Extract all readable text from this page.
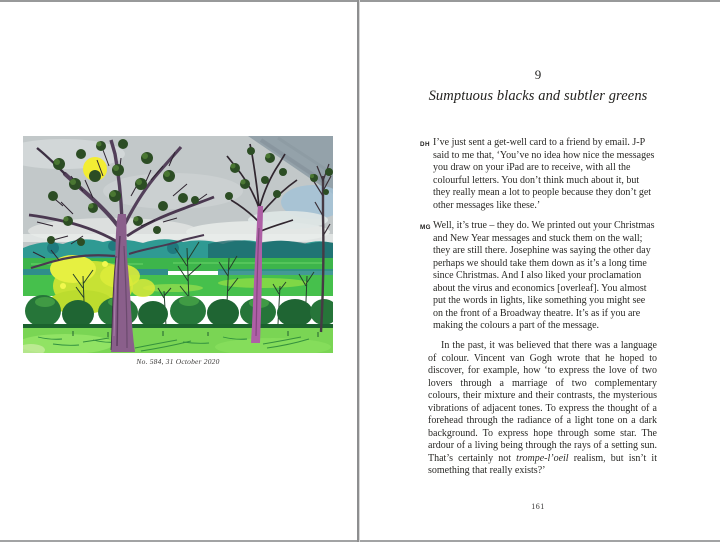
No. 584, 31 October 2020
9
Sumptuous blacks and subtler greens
DH I’ve just sent a get-well card to a friend by email. J-P said to me that, ‘You’ve no idea how nice the messages you draw on your iPad are to receive, with all the colourful letters. You don’t think much about it, but they really mean a lot to people because they don’t get other messages like these.’
MG Well, it’s true – they do. We printed out your Christmas and New Year messages and stuck them on the wall; they are still there. Josephine was saying the other day perhaps we should take them down as it’s a long time since Christmas. And I also liked your proclamation about the virus and economics [overleaf]. You almost put the words in lights, like something you might see on the front of a Broadway theatre. It’s as if you are making the colours a part of the message.
In the past, it was believed that there was a language of colour. Vincent van Gogh wrote that he hoped to discover, for example, how ‘to express the love of two lovers through a marriage of two complementary colours, their mixture and their contrasts, the mysterious vibrations of adjacent tones. To express the thought of a forehead through the radiance of a light tone on a dark background. To express hope through some star. The ardour of a living being through the rays of a setting sun. That’s certainly not trompe-l’oeil realism, but isn’t it something that really exists?’
161
